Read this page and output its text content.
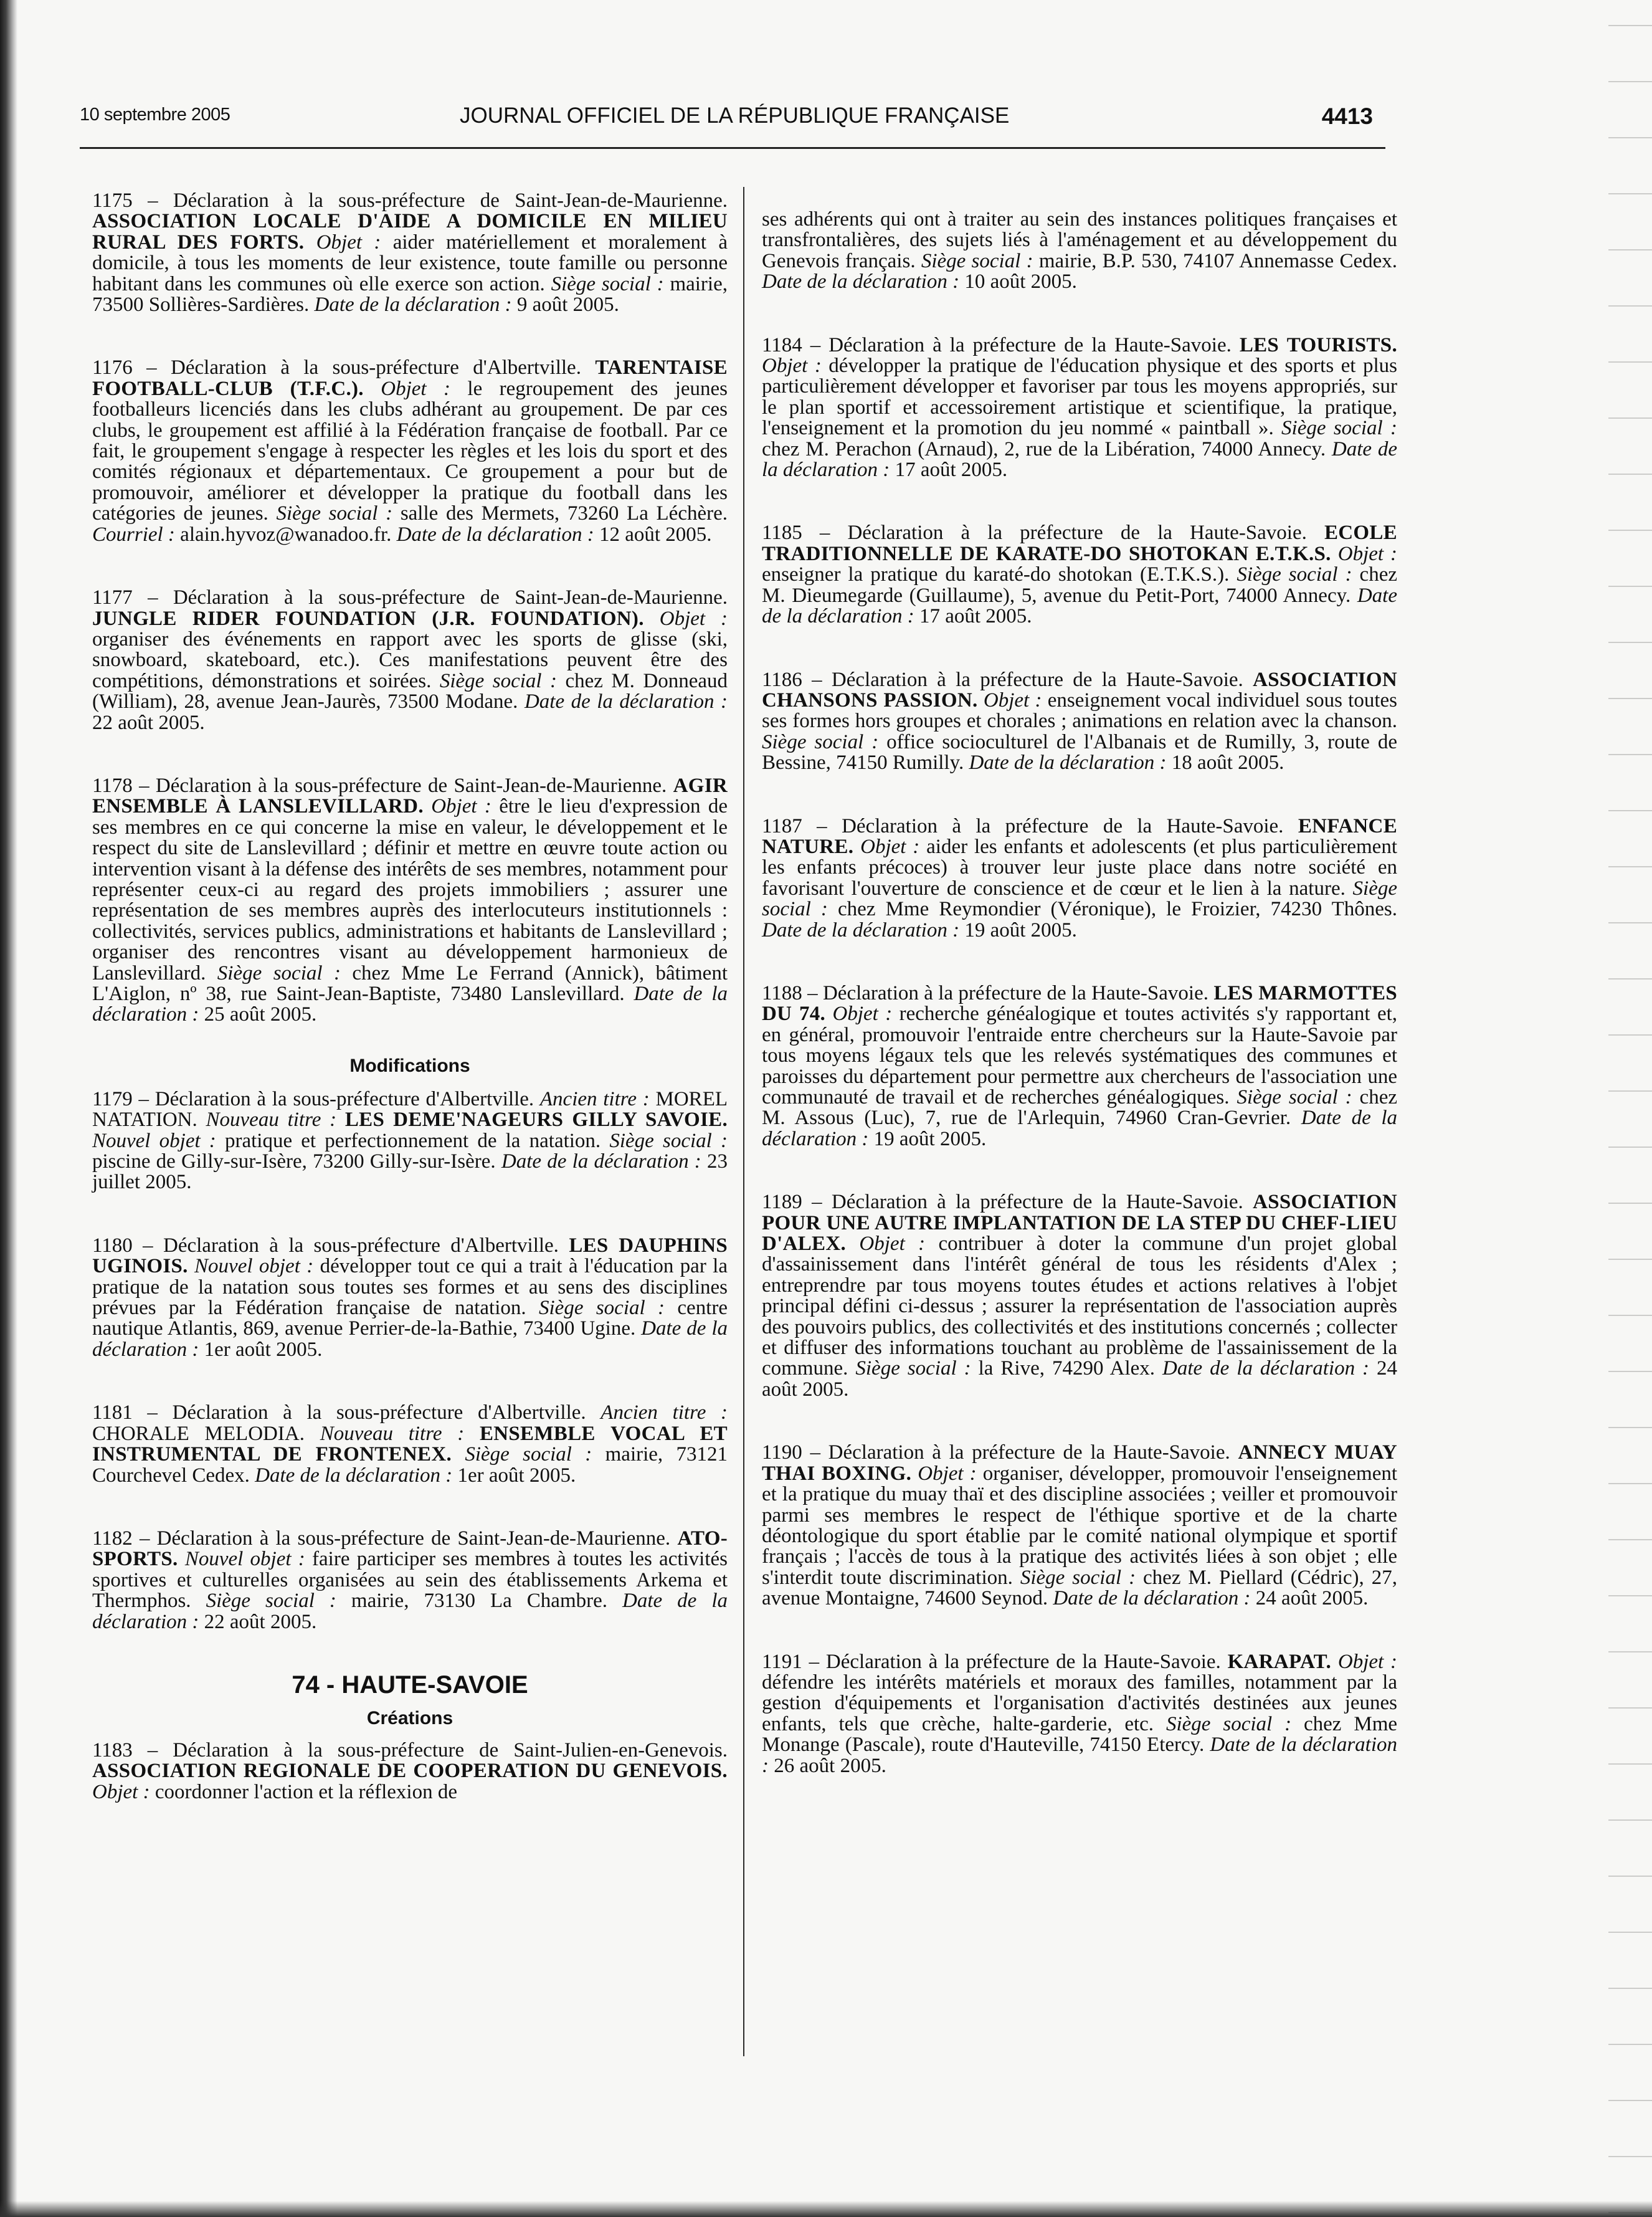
10 septembre 2005	JOURNAL OFFICIEL DE LA RÉPUBLIQUE FRANÇAISE	4413

1175 – Déclaration à la sous-préfecture de Saint-Jean-de-Maurienne. ASSOCIATION LOCALE D'AIDE A DOMICILE EN MILIEU RURAL DES FORTS. Objet : aider matériellement et moralement à domicile, à tous les moments de leur existence, toute famille ou personne habitant dans les communes où elle exerce son action. Siège social : mairie, 73500 Sollières-Sardières. Date de la déclaration : 9 août 2005.

1176 – Déclaration à la sous-préfecture d'Albertville. TARENTAISE FOOTBALL-CLUB (T.F.C.). Objet : le regroupement des jeunes footballeurs licenciés dans les clubs adhérant au groupement. De par ces clubs, le groupement est affilié à la Fédération française de football. Par ce fait, le groupement s'engage à respecter les règles et les lois du sport et des comités régionaux et départementaux. Ce groupement a pour but de promouvoir, améliorer et développer la pratique du football dans les catégories de jeunes. Siège social : salle des Mermets, 73260 La Léchère. Courriel : alain.hyvoz@wanadoo.fr. Date de la déclaration : 12 août 2005.

1177 – Déclaration à la sous-préfecture de Saint-Jean-de-Maurienne. JUNGLE RIDER FOUNDATION (J.R. FOUNDATION). Objet : organiser des événements en rapport avec les sports de glisse (ski, snowboard, skateboard, etc.). Ces manifestations peuvent être des compétitions, démonstrations et soirées. Siège social : chez M. Donneaud (William), 28, avenue Jean-Jaurès, 73500 Modane. Date de la déclaration : 22 août 2005.

1178 – Déclaration à la sous-préfecture de Saint-Jean-de-Maurienne. AGIR ENSEMBLE À LANSLEVILLARD. Objet : être le lieu d'expression de ses membres en ce qui concerne la mise en valeur, le développement et le respect du site de Lanslevillard ; définir et mettre en œuvre toute action ou intervention visant à la défense des intérêts de ses membres, notamment pour représenter ceux-ci au regard des projets immobiliers ; assurer une représentation de ses membres auprès des interlocuteurs institutionnels : collectivités, services publics, administrations et habitants de Lanslevillard ; organiser des rencontres visant au développement harmonieux de Lanslevillard. Siège social : chez Mme Le Ferrand (Annick), bâtiment L'Aiglon, nº 38, rue Saint-Jean-Baptiste, 73480 Lanslevillard. Date de la déclaration : 25 août 2005.

Modifications

1179 – Déclaration à la sous-préfecture d'Albertville. Ancien titre : MOREL NATATION. Nouveau titre : LES DEME'NAGEURS GILLY SAVOIE. Nouvel objet : pratique et perfectionnement de la natation. Siège social : piscine de Gilly-sur-Isère, 73200 Gilly-sur-Isère. Date de la déclaration : 23 juillet 2005.

1180 – Déclaration à la sous-préfecture d'Albertville. LES DAUPHINS UGINOIS. Nouvel objet : développer tout ce qui a trait à l'éducation par la pratique de la natation sous toutes ses formes et au sens des disciplines prévues par la Fédération française de natation. Siège social : centre nautique Atlantis, 869, avenue Perrier-de-la-Bathie, 73400 Ugine. Date de la déclaration : 1er août 2005.

1181 – Déclaration à la sous-préfecture d'Albertville. Ancien titre : CHORALE MELODIA. Nouveau titre : ENSEMBLE VOCAL ET INSTRUMENTAL DE FRONTENEX. Siège social : mairie, 73121 Courchevel Cedex. Date de la déclaration : 1er août 2005.

1182 – Déclaration à la sous-préfecture de Saint-Jean-de-Maurienne. ATO-SPORTS. Nouvel objet : faire participer ses membres à toutes les activités sportives et culturelles organisées au sein des établissements Arkema et Thermphos. Siège social : mairie, 73130 La Chambre. Date de la déclaration : 22 août 2005.

74 - HAUTE-SAVOIE

Créations

1183 – Déclaration à la sous-préfecture de Saint-Julien-en-Genevois. ASSOCIATION REGIONALE DE COOPERATION DU GENEVOIS. Objet : coordonner l'action et la réflexion de

ses adhérents qui ont à traiter au sein des instances politiques françaises et transfrontalières, des sujets liés à l'aménagement et au développement du Genevois français. Siège social : mairie, B.P. 530, 74107 Annemasse Cedex. Date de la déclaration : 10 août 2005.

1184 – Déclaration à la préfecture de la Haute-Savoie. LES TOURISTS. Objet : développer la pratique de l'éducation physique et des sports et plus particulièrement développer et favoriser par tous les moyens appropriés, sur le plan sportif et accessoirement artistique et scientifique, la pratique, l'enseignement et la promotion du jeu nommé « paintball ». Siège social : chez M. Perachon (Arnaud), 2, rue de la Libération, 74000 Annecy. Date de la déclaration : 17 août 2005.

1185 – Déclaration à la préfecture de la Haute-Savoie. ECOLE TRADITIONNELLE DE KARATE-DO SHOTOKAN E.T.K.S. Objet : enseigner la pratique du karaté-do shotokan (E.T.K.S.). Siège social : chez M. Dieumegarde (Guillaume), 5, avenue du Petit-Port, 74000 Annecy. Date de la déclaration : 17 août 2005.

1186 – Déclaration à la préfecture de la Haute-Savoie. ASSOCIATION CHANSONS PASSION. Objet : enseignement vocal individuel sous toutes ses formes hors groupes et chorales ; animations en relation avec la chanson. Siège social : office socioculturel de l'Albanais et de Rumilly, 3, route de Bessine, 74150 Rumilly. Date de la déclaration : 18 août 2005.

1187 – Déclaration à la préfecture de la Haute-Savoie. ENFANCE NATURE. Objet : aider les enfants et adolescents (et plus particulièrement les enfants précoces) à trouver leur juste place dans notre société en favorisant l'ouverture de conscience et de cœur et le lien à la nature. Siège social : chez Mme Reymondier (Véronique), le Froizier, 74230 Thônes. Date de la déclaration : 19 août 2005.

1188 – Déclaration à la préfecture de la Haute-Savoie. LES MARMOTTES DU 74. Objet : recherche généalogique et toutes activités s'y rapportant et, en général, promouvoir l'entraide entre chercheurs sur la Haute-Savoie par tous moyens légaux tels que les relevés systématiques des communes et paroisses du département pour permettre aux chercheurs de l'association une communauté de travail et de recherches généalogiques. Siège social : chez M. Assous (Luc), 7, rue de l'Arlequin, 74960 Cran-Gevrier. Date de la déclaration : 19 août 2005.

1189 – Déclaration à la préfecture de la Haute-Savoie. ASSOCIATION POUR UNE AUTRE IMPLANTATION DE LA STEP DU CHEF-LIEU D'ALEX. Objet : contribuer à doter la commune d'un projet global d'assainissement dans l'intérêt général de tous les résidents d'Alex ; entreprendre par tous moyens toutes études et actions relatives à l'objet principal défini ci-dessus ; assurer la représentation de l'association auprès des pouvoirs publics, des collectivités et des institutions concernés ; collecter et diffuser des informations touchant au problème de l'assainissement de la commune. Siège social : la Rive, 74290 Alex. Date de la déclaration : 24 août 2005.

1190 – Déclaration à la préfecture de la Haute-Savoie. ANNECY MUAY THAI BOXING. Objet : organiser, développer, promouvoir l'enseignement et la pratique du muay thaï et des discipline associées ; veiller et promouvoir parmi ses membres le respect de l'éthique sportive et de la charte déontologique du sport établie par le comité national olympique et sportif français ; l'accès de tous à la pratique des activités liées à son objet ; elle s'interdit toute discrimination. Siège social : chez M. Piellard (Cédric), 27, avenue Montaigne, 74600 Seynod. Date de la déclaration : 24 août 2005.

1191 – Déclaration à la préfecture de la Haute-Savoie. KARAPAT. Objet : défendre les intérêts matériels et moraux des familles, notamment par la gestion d'équipements et l'organisation d'activités destinées aux jeunes enfants, tels que crèche, halte-garderie, etc. Siège social : chez Mme Monange (Pascale), route d'Hauteville, 74150 Etercy. Date de la déclaration : 26 août 2005.
